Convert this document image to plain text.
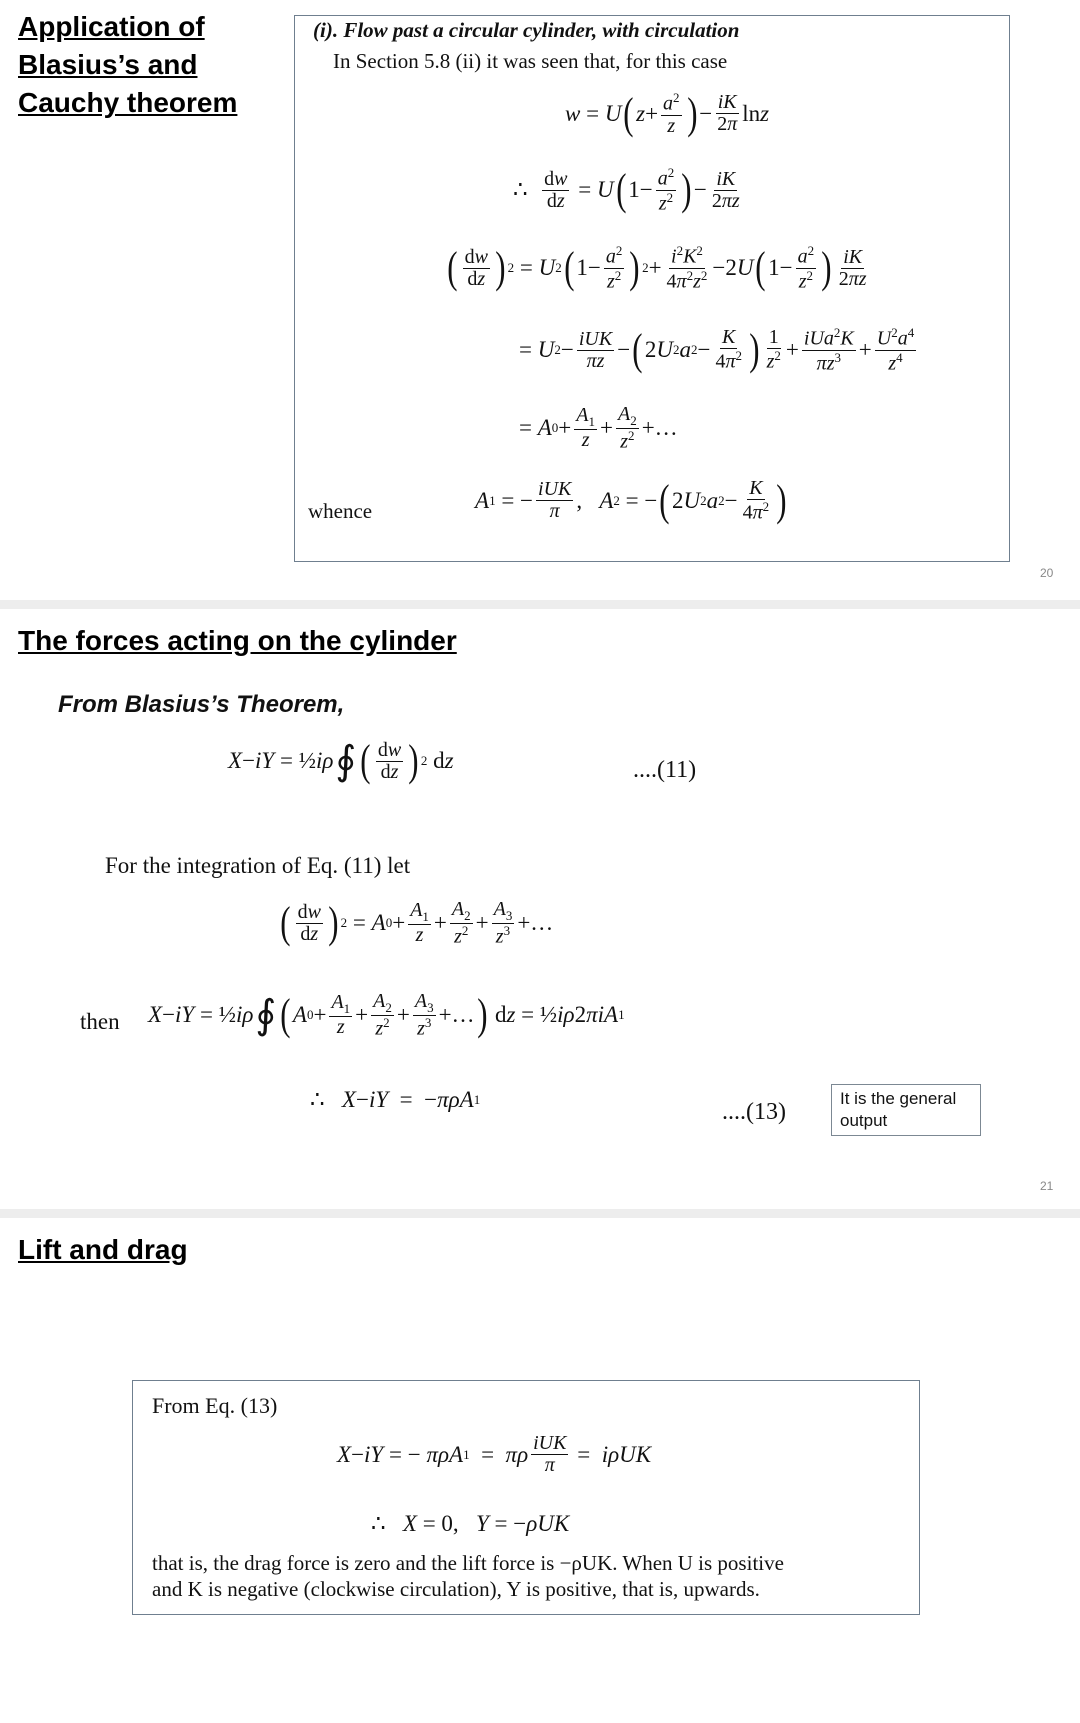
Application of
Blasius’s and
Cauchy theorem
(i). Flow past a circular cylinder, with circulation
In Section 5.8 (ii) it was seen that, for this case
w = U ( $z + \frac{a^2}{z}$ ) − $\frac{iK}{2\pi}$ ln z
∴ $\frac{dw}{dz} = U$ ( $1- \frac{a^2}{z^2}$ ) − $\frac{iK}{2\pi z}$
( $\frac{dw}{dz}$ ) 2 = U 2 ( $1- \frac{a^2}{z^2}$ ) $2 + \frac{i^2K^2}{4\pi^2z^2} -2$ U ( $1- \frac{a^2}{z^2}$ ) $\frac{iK}{2\pi z}$
= U $2 - \frac{\text{iUK}}{\pi z}$ − ( 2 U 2 a $2 - \frac{K}{4\pi^2}$ ) $\frac{1}{z^2} + \frac{iUa^2K}{\pi z^3} + \frac{U^2a^4}{z^4}$
= A $0 + \frac{A_1}{z} + \frac{A_2}{z^2}$ +…
whence	A 1 = − $\frac{\text{iUK}}{\pi}$ , A 2 = − ( 2 U 2 a $2 - \frac{K}{4\pi^2}$ )
20
The forces acting on the cylinder
From Blasius’s Theorem,
X − iY = ½ iρ ∮ ( $\frac{dw}{dz}$ ) 2 d z	....(11)
For the integration of Eq. (11) let
( $\frac{dw}{dz}$ ) 2 = A $0 + \frac{A_1}{z} + \frac{A_2}{z^2} + \frac{A_3}{z^3}$ +…
then X − iY = ½ iρ ∮ ( A $0 + \frac{A_1}{z} + \frac{A_2}{z^2} + \frac{A_3}{z^3}$ +… ) d z = ½ iρ 2 πiA 1
∴ X − iY =  − πρA 1	....(13)
It is the general output
21
Lift and drag
From Eq. (13)
X − iY = − πρA 1 = πρ $\frac{\text{iUK}}{\pi} = i\rho UK$
∴ X = 0, Y = − ρUK
that is, the drag force is zero and the lift force is −ρUK. When U is positive
and K is negative (clockwise circulation), Y is positive, that is, upwards.
